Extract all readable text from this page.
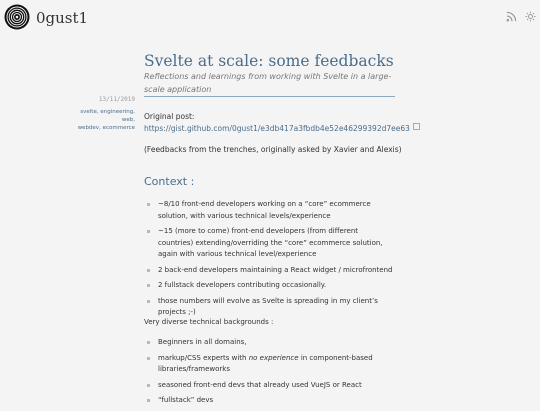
0gust1
Svelte at scale: some feedbacks
Reflections and learnings from working with Svelte in a large-scale application
13/11/2019
svelte, engineering, web,
webdev, ecommerce
Original post:
https://gist.github.com/0gust1/e3db417a3fbdb4e52e46299392d7ee63
(Feedbacks from the trenches, originally asked by Xavier and Alexis)
Context :
~8/10 front-end developers working on a “core” ecommerce solution, with various technical levels/experience
~15 (more to come) front-end developers (from different countries) extending/overriding the “core” ecommerce solution, again with various technical level/experience
2 back-end developers maintaining a React widget / microfrontend
2 fullstack developers contributing occasionally.
those numbers will evolve as Svelte is spreading in my client’s projects ;-)
Very diverse technical backgrounds :
Beginners in all domains,
markup/CSS experts with no experience in component-based libraries/frameworks
seasoned front-end devs that already used VueJS or React
“fullstack” devs
